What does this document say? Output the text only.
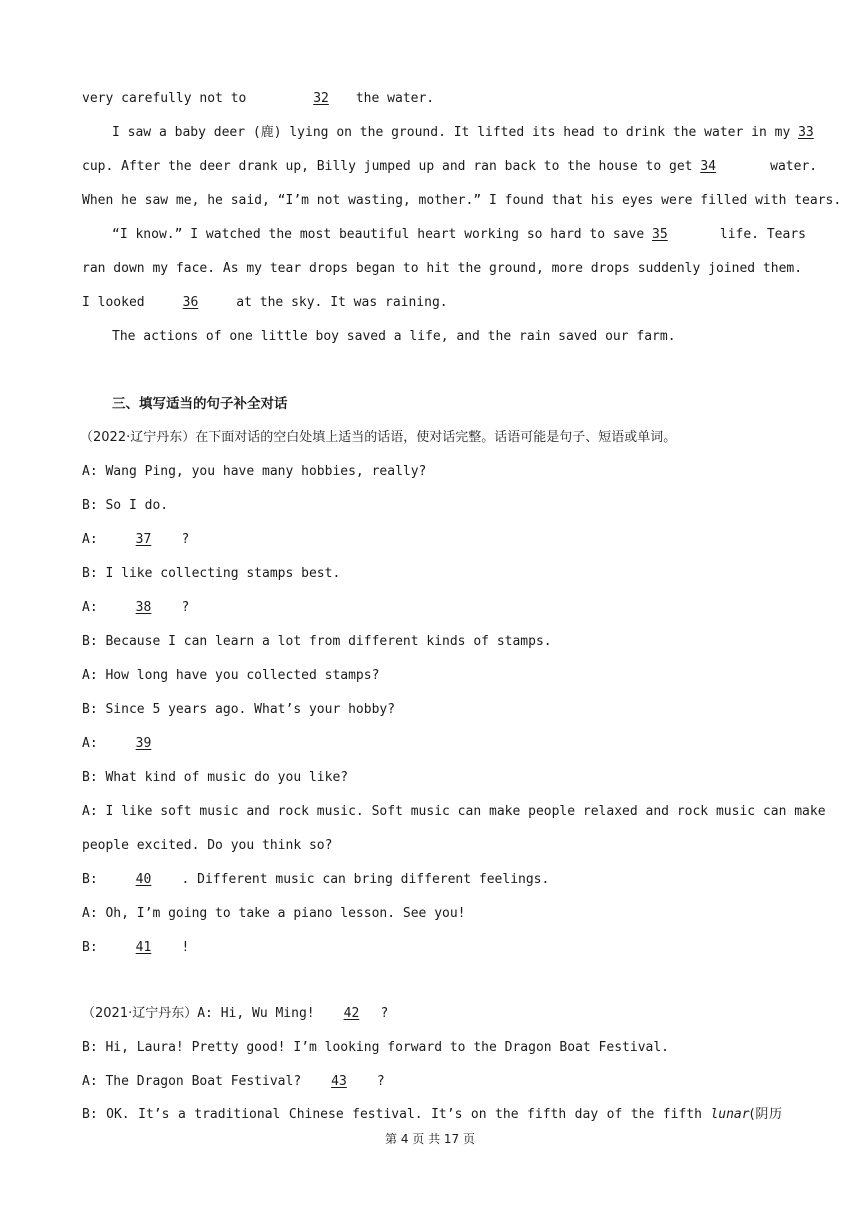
very carefully not to	32 the water.
I saw a baby deer (鹿) lying on the ground. It lifted its head to drink the water in my 33
cup. After the deer drank up, Billy jumped up and ran back to the house to get 34	water.
When he saw me, he said, “I’m not wasting, mother.” I found that his eyes were filled with tears.
“I know.” I watched the most beautiful heart working so hard to save 35	life. Tears
ran down my face. As my tear drops began to hit the ground, more drops suddenly joined them.
I looked	36	at the sky. It was raining.
The actions of one little boy saved a life, and the rain saved our farm.
三、填写适当的句子补全对话
（2022·辽宁丹东）在下面对话的空白处填上适当的话语，使对话完整。话语可能是句子、短语或单词。
A: Wang Ping, you have many hobbies, really?
B: So I do.
A:	37 ?
B: I like collecting stamps best.
A:	38 ?
B: Because I can learn a lot from different kinds of stamps.
A: How long have you collected stamps?
B: Since 5 years ago. What’s your hobby?
A:	39
B: What kind of music do you like?
A: I like soft music and rock music. Soft music can make people relaxed and rock music can make
people excited. Do you think so?
B:	40 . Different music can bring different feelings.
A: Oh, I’m going to take a piano lesson. See you!
B:	41 !
（2021·辽宁丹东）A: Hi, Wu Ming! 42 ?
B: Hi, Laura! Pretty good! I’m looking forward to the Dragon Boat Festival.
A: The Dragon Boat Festival? 43 ?
B: OK. It’s a traditional Chinese festival. It’s on the fifth day of the fifth lunar(阴历
第 4 页 共 17 页
